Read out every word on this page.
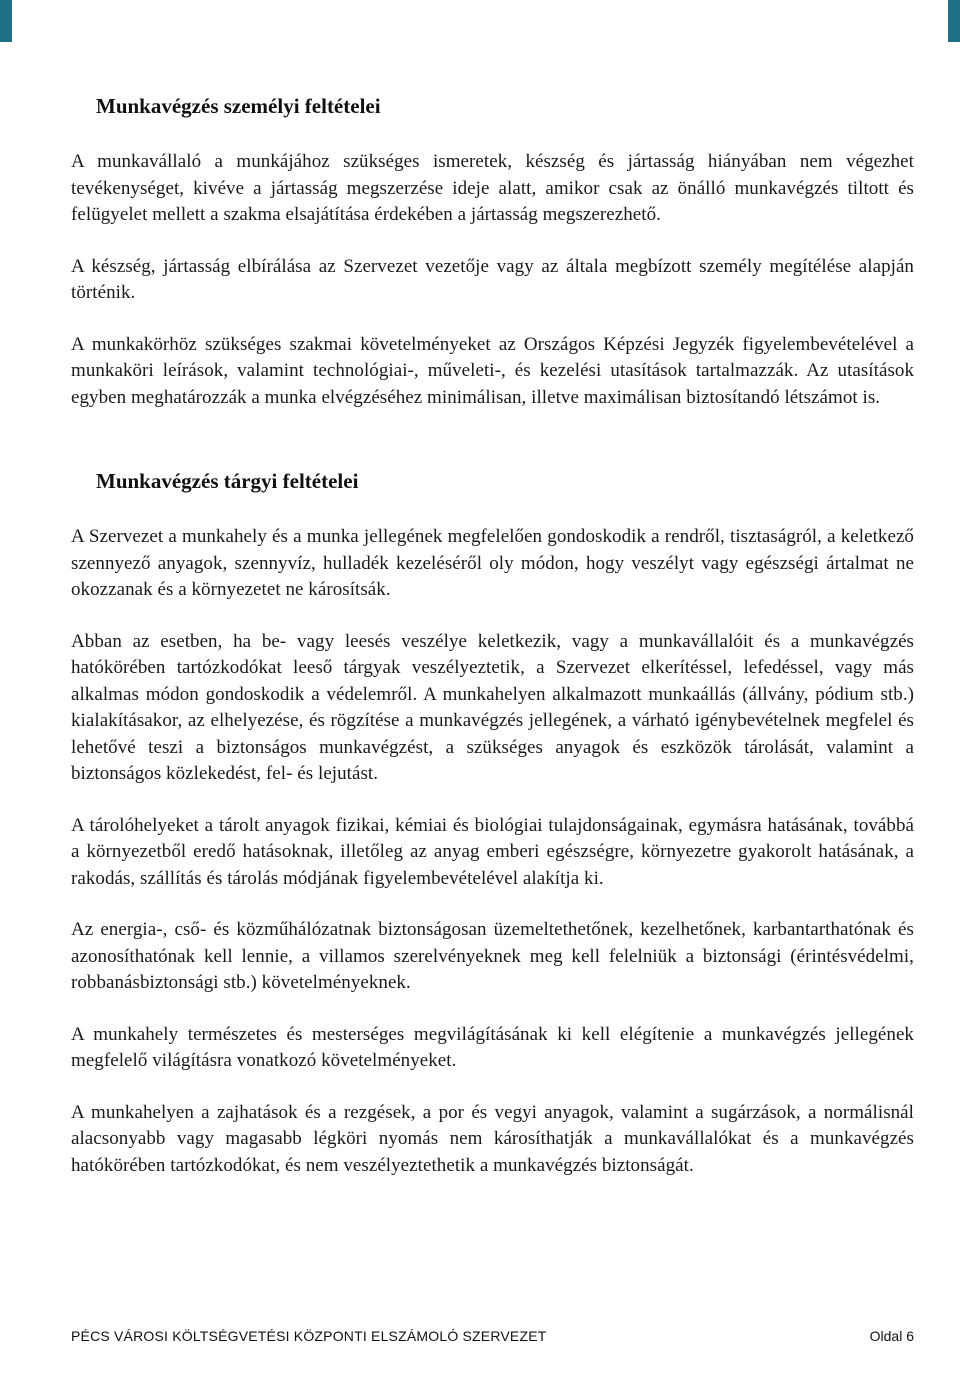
Munkavégzés személyi feltételei

A munkavállaló a munkájához szükséges ismeretek, készség és jártasság hiányában nem végezhet tevékenységet, kivéve a jártasság megszerzése ideje alatt, amikor csak az önálló munkavégzés tiltott és felügyelet mellett a szakma elsajátítása érdekében a jártasság megszerezhető.

A készség, jártasság elbírálása az Szervezet vezetője vagy az általa megbízott személy megítélése alapján történik.

A munkakörhöz szükséges szakmai követelményeket az Országos Képzési Jegyzék figyelembevételével a munkaköri leírások, valamint technológiai-, műveleti-, és kezelési utasítások tartalmazzák. Az utasítások egyben meghatározzák a munka elvégzéséhez minimálisan, illetve maximálisan biztosítandó létszámot is.

Munkavégzés tárgyi feltételei

A Szervezet a munkahely és a munka jellegének megfelelően gondoskodik a rendről, tisztaságról, a keletkező szennyező anyagok, szennyvíz, hulladék kezeléséről oly módon, hogy veszélyt vagy egészségi ártalmat ne okozzanak és a környezetet ne károsítsák.

Abban az esetben, ha be- vagy leesés veszélye keletkezik, vagy a munkavállalóit és a munkavégzés hatókörében tartózkodókat leeső tárgyak veszélyeztetik, a Szervezet elkerítéssel, lefedéssel, vagy más alkalmas módon gondoskodik a védelemről. A munkahelyen alkalmazott munkaállás (állvány, pódium stb.) kialakításakor, az elhelyezése, és rögzítése a munkavégzés jellegének, a várható igénybevételnek megfelel és lehetővé teszi a biztonságos munkavégzést, a szükséges anyagok és eszközök tárolását, valamint a biztonságos közlekedést, fel- és lejutást.

A tárolóhelyeket a tárolt anyagok fizikai, kémiai és biológiai tulajdonságainak, egymásra hatásának, továbbá a környezetből eredő hatásoknak, illetőleg az anyag emberi egészségre, környezetre gyakorolt hatásának, a rakodás, szállítás és tárolás módjának figyelembevételével alakítja ki.

Az energia-, cső- és közműhálózatnak biztonságosan üzemeltethetőnek, kezelhetőnek, karbantarthatónak és azonosíthatónak kell lennie, a villamos szerelvényeknek meg kell felelniük a biztonsági (érintésvédelmi, robbanásbiztonsági stb.) követelményeknek.

A munkahely természetes és mesterséges megvilágításának ki kell elégítenie a munkavégzés jellegének megfelelő világításra vonatkozó követelményeket.

A munkahelyen a zajhatások és a rezgések, a por és vegyi anyagok, valamint a sugárzások, a normálisnál alacsonyabb vagy magasabb légköri nyomás nem károsíthatják a munkavállalókat és a munkavégzés hatókörében tartózkodókat, és nem veszélyeztethetik a munkavégzés biztonságát.

PÉCS VÁROSI KÖLTSÉGVETÉSI KÖZPONTI ELSZÁMOLÓ SZERVEZET	Oldal 6
